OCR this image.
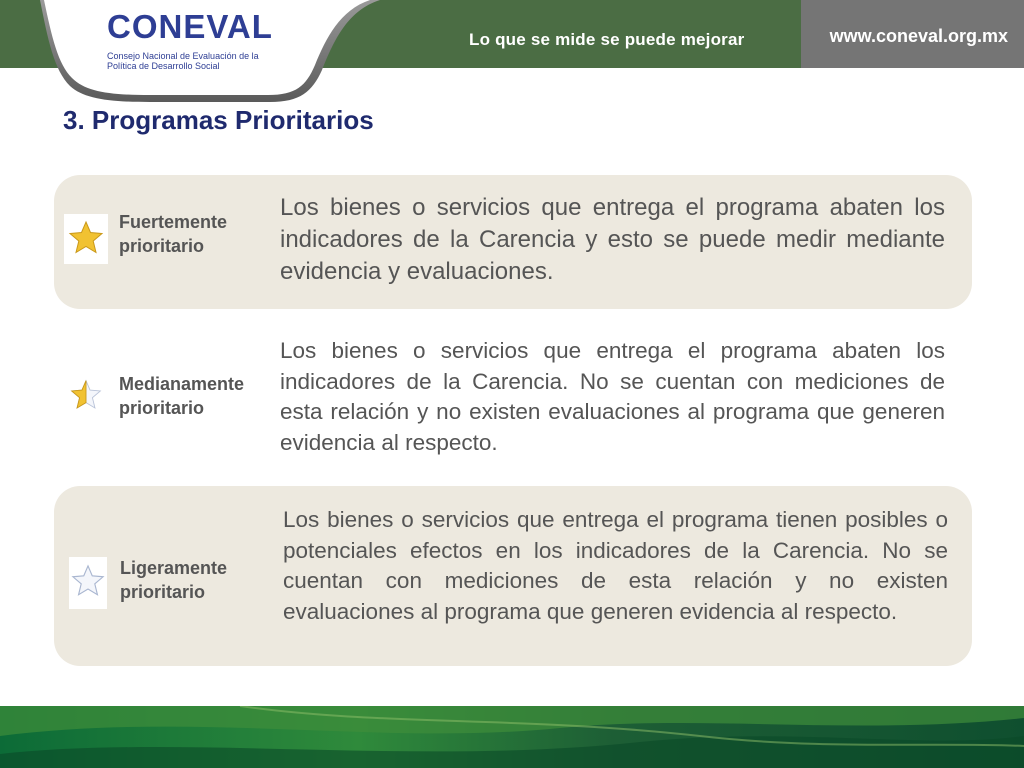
www.coneval.org.mx
Lo que se mide se puede mejorar
CONEVAL
Consejo Nacional de Evaluación de la Política de Desarrollo Social
3. Programas Prioritarios
Fuertemente
prioritario
Los bienes o servicios que entrega el programa abaten los indicadores de la Carencia y esto se puede medir mediante evidencia y evaluaciones.
Medianamente
prioritario
Los bienes o servicios que entrega el programa abaten los indicadores de la Carencia. No se cuentan con mediciones de esta relación y no existen evaluaciones al programa que generen evidencia al respecto.
Ligeramente
prioritario
Los bienes o servicios que entrega el programa tienen posibles o potenciales efectos en los indicadores de la Carencia. No se cuentan con mediciones de esta relación y no existen evaluaciones al programa que generen evidencia al respecto.
